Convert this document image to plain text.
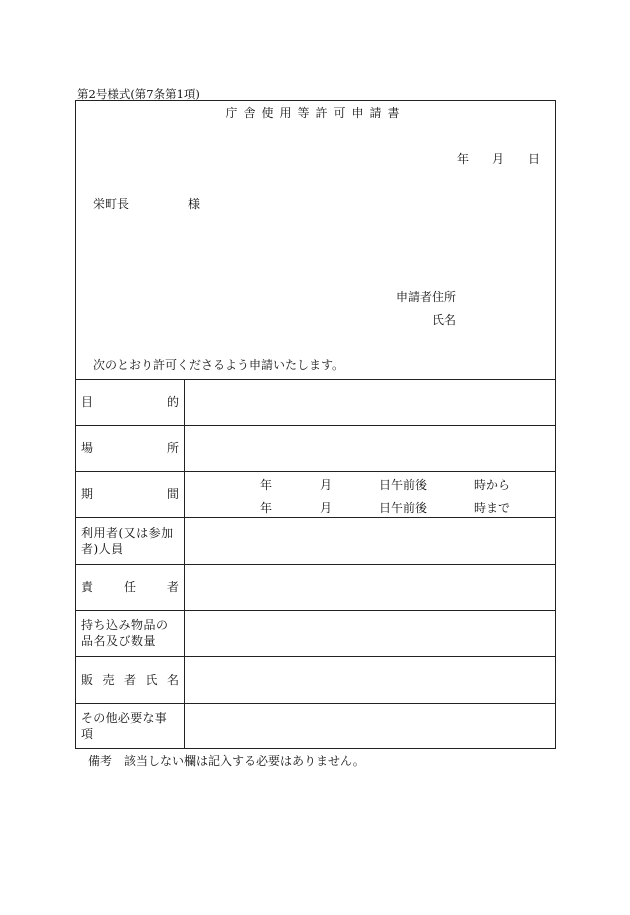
第2号様式(第7条第1項)
庁舎使用等許可申請書
年 月 日
栄町長	様
申請者住所
氏名
次のとおり許可くださるよう申請いたします。
目	的
場	所
期	間
年	月	日午前後	時から
年	月	日午前後	時まで
利用者(又は参加者)人員
責	任	者
持ち込み物品の品名及び数量
販 売 者 氏 名
その他必要な事項
備考　該当しない欄は記入する必要はありません。
